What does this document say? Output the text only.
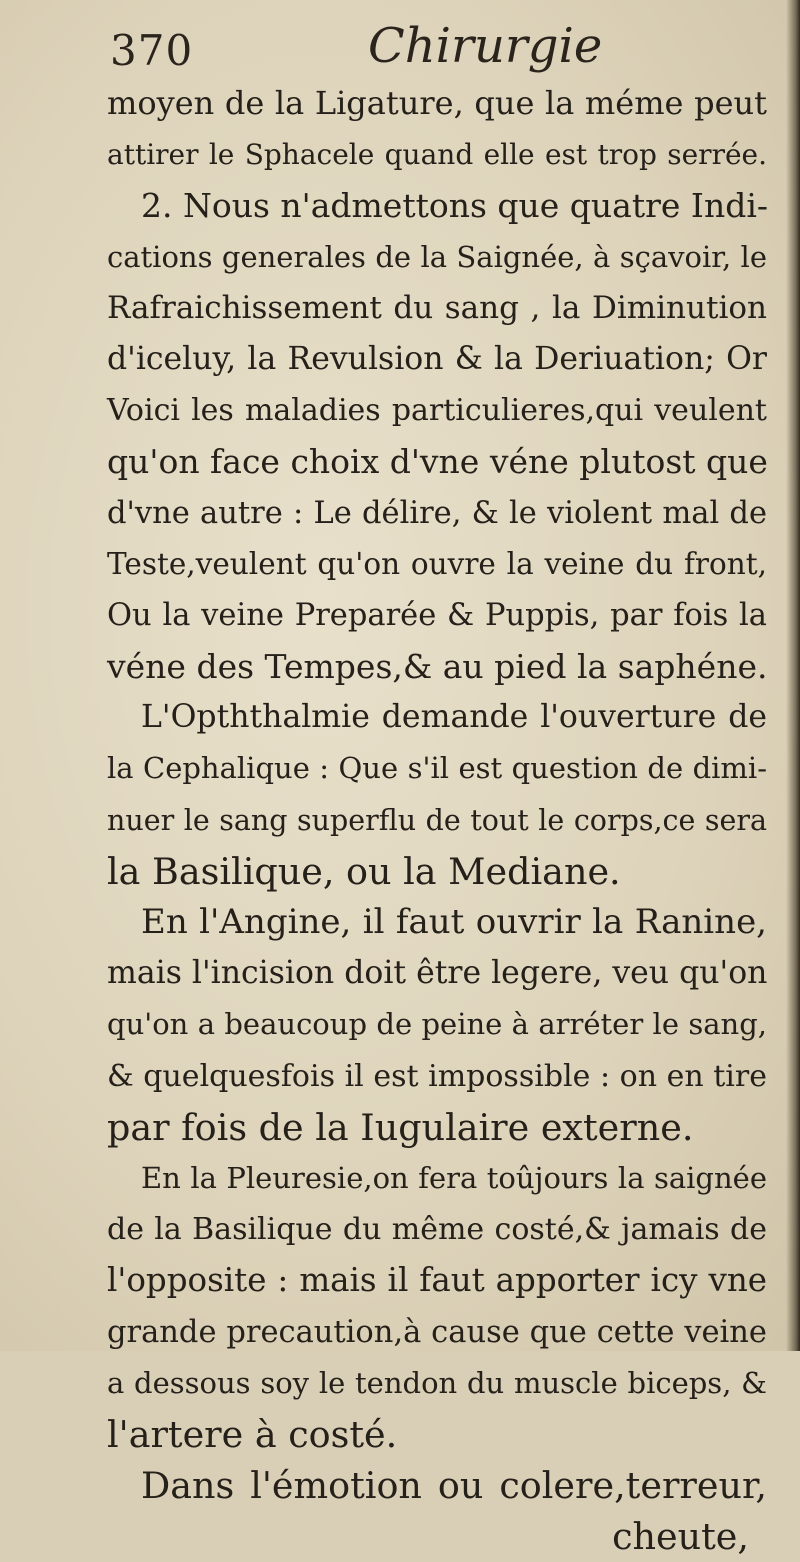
370	Chirurgie
moyen de la Ligature, que la méme peut
attirer le Sphacele quand elle est trop serrée.
2. Nous n'admettons que quatre Indi-
cations generales de la Saignée, à sçavoir, le
Rafraichissement du sang , la Diminution
d'iceluy, la Revulsion & la Deriuation; Or
Voici les maladies particulieres,qui veulent
qu'on face choix d'vne véne plutost que
d'vne autre : Le délire, & le violent mal de
Teste,veulent qu'on ouvre la veine du front,
Ou la veine Preparée & Puppis, par fois la
véne des Tempes,& au pied la saphéne.
L'Opththalmie demande l'ouverture de
la Cephalique : Que s'il est question de dimi-
nuer le sang superflu de tout le corps,ce sera
la Basilique, ou la Mediane.
En l'Angine, il faut ouvrir la Ranine,
mais l'incision doit être legere, veu qu'on
qu'on a beaucoup de peine à arréter le sang,
& quelquesfois il est impossible : on en tire
par fois de la Iugulaire externe.
En la Pleuresie,on fera toûjours la saignée
de la Basilique du même costé,& jamais de
l'opposite : mais il faut apporter icy vne
grande precaution,à cause que cette veine
a dessous soy le tendon du muscle biceps, &
l'artere à costé.
Dans l'émotion ou colere,terreur,
cheute,
